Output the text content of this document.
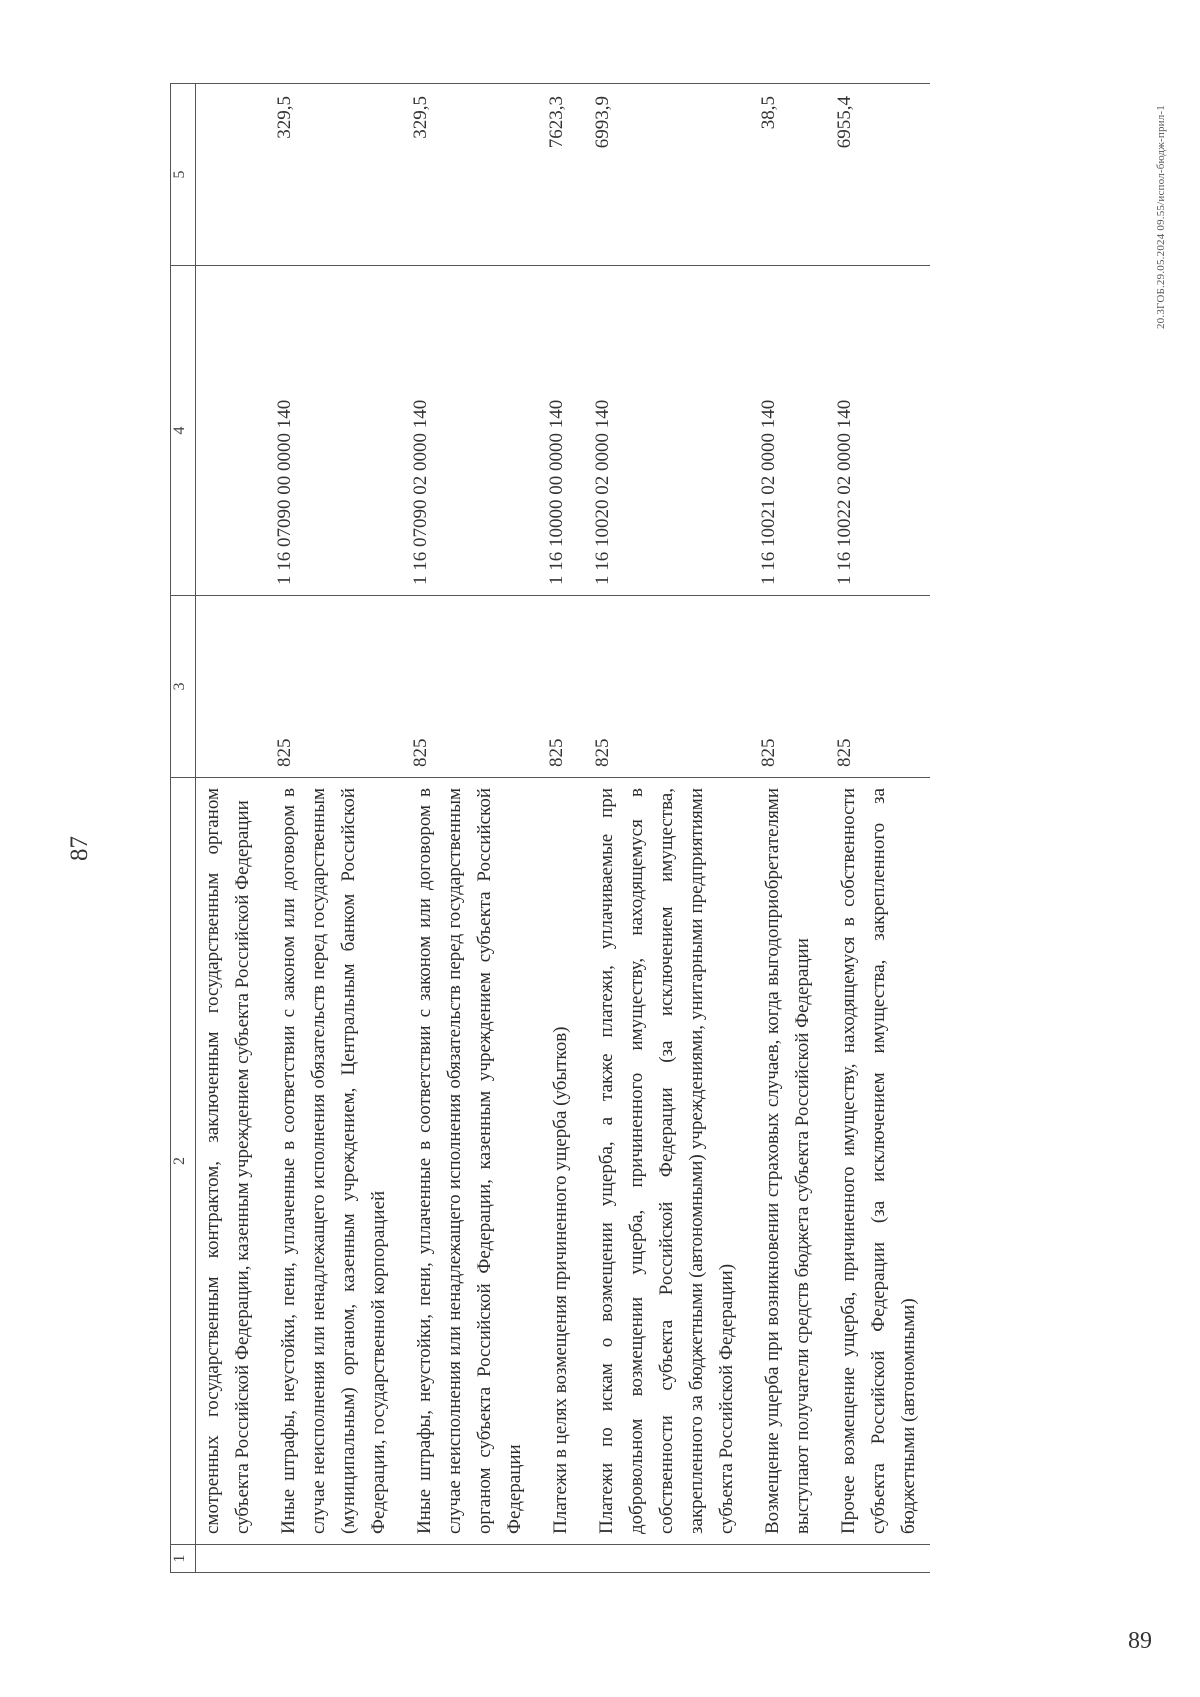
87
1	2	3	4	5
	смотренных государственным контрактом, заключенным государственным органом субъекта Российской Федерации, казенным учреждением субъекта Российской Федерации			
	Иные штрафы, неустойки, пени, уплаченные в соответствии с законом или договором в случае неисполнения или ненадлежащего исполнения обязательств перед государственным (муниципальным) органом, казенным учреждением, Центральным банком Российской Федерации, государственной корпорацией	825	1 16 07090 00 0000 140	329,5
	Иные штрафы, неустойки, пени, уплаченные в соответствии с законом или договором в случае неисполнения или ненадлежащего исполнения обязательств перед государственным органом субъекта Российской Федерации, казенным учреждением субъекта Российской Федерации	825	1 16 07090 02 0000 140	329,5
	Платежи в целях возмещения причиненного ущерба (убытков)	825	1 16 10000 00 0000 140	7623,3
	Платежи по искам о возмещении ущерба, а также платежи, уплачиваемые при добровольном возмещении ущерба, причиненного имуществу, находящемуся в собственности субъекта Российской Федерации (за исключением имущества, закрепленного за бюджетными (автономными) учреждениями, унитарными предприятиями субъекта Российской Федерации)	825	1 16 10020 02 0000 140	6993,9
	Возмещение ущерба при возникновении страховых случаев, когда выгодоприобретателями выступают получатели средств бюджета субъекта Российской Федерации	825	1 16 10021 02 0000 140	38,5
	Прочее возмещение ущерба, причиненного имуществу, находящемуся в собственности субъекта Российской Федерации (за исключением имущества, закрепленного за бюджетными (автономными)	825	1 16 10022 02 0000 140	6955,4	20.3ГОБ.29.05.2024 09.55/испол-бюдж-прил-1
89
